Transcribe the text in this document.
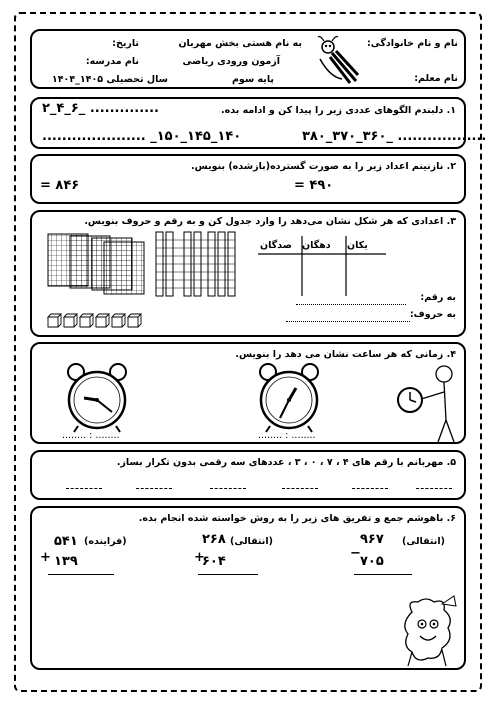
نام و نام خانوادگی:
نام معلم:
به نام هستی بخش مهربان
آزمون ورودی ریاضی
پایه سوم
تاریخ:
نام مدرسه:
سال تحصیلی ۱۴۰۵_۱۴۰۴
۱. دلبندم الگوهای عددی زیر را پیدا کن و ادامه بده.
۲_۴_۶_ ..............
..................... _۱۵۰_۱۴۵_۱۴۰	۳۸۰_۳۷۰_۳۶۰_ ..................
۲. نازنینم اعداد زیر را به صورت گسترده(بازشده) بنویس.
۸۴۶ =	۴۹۰ =
۳. اعدادی که هر شکل نشان می‌دهد را وارد جدول کن و به رقم و حروف بنویس.
یکان
دهگان
صدگان
به رقم:
به حروف:
۴. زمانی که هر ساعت نشان می دهد را بنویس.
........ : ........	........ : ........
۵. مهربانم با رقم های ۴ ، ۷ ، ۰ ، ۳ ، عددهای سه رقمی بدون تکرار بساز.
۶. باهوشم جمع و تفریق های زیر را به روش خواسته شده انجام بده.
(فراینده)
۵۴۱
+ ۱۳۹
(انتقالی)
۲۶۸
+
۶۰۴
(انتقالی)
۹۶۷
−
۷۰۵
